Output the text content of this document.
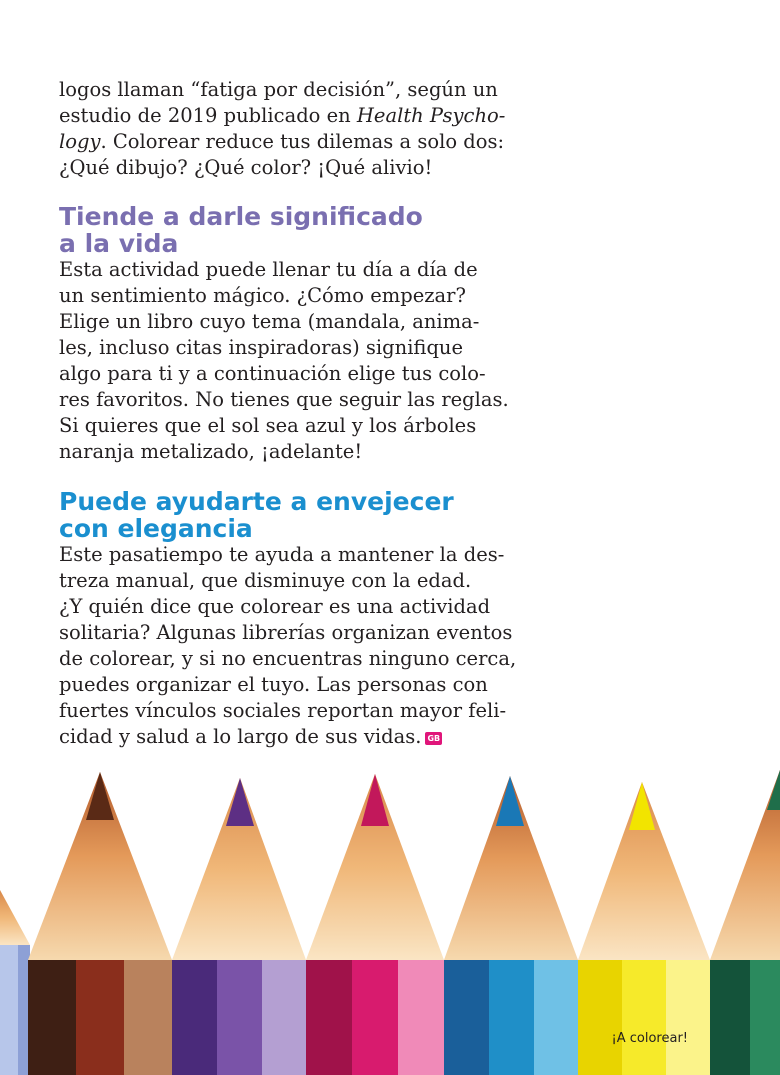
logos llaman “fatiga por decisión”, según un
estudio de 2019 publicado en Health Psycho-
logy. Colorear reduce tus dilemas a solo dos:
¿Qué dibujo? ¿Qué color? ¡Qué alivio!

Tiende a darle significado
a la vida

Esta actividad puede llenar tu día a día de
un sentimiento mágico. ¿Cómo empezar?
Elige un libro cuyo tema (mandala, anima-
les, incluso citas inspiradoras) signifique
algo para ti y a continuación elige tus colo-
res favoritos. No tienes que seguir las reglas.
Si quieres que el sol sea azul y los árboles
naranja metalizado, ¡adelante!

Puede ayudarte a envejecer
con elegancia

Este pasatiempo te ayuda a mantener la des-
treza manual, que disminuye con la edad.
¿Y quién dice que colorear es una actividad
solitaria? Algunas librerías organizan eventos
de colorear, y si no encuentras ninguno cerca,
puedes organizar el tuyo. Las personas con
fuertes vínculos sociales reportan mayor feli-
cidad y salud a lo largo de sus vidas. GB

¡A colorear!
